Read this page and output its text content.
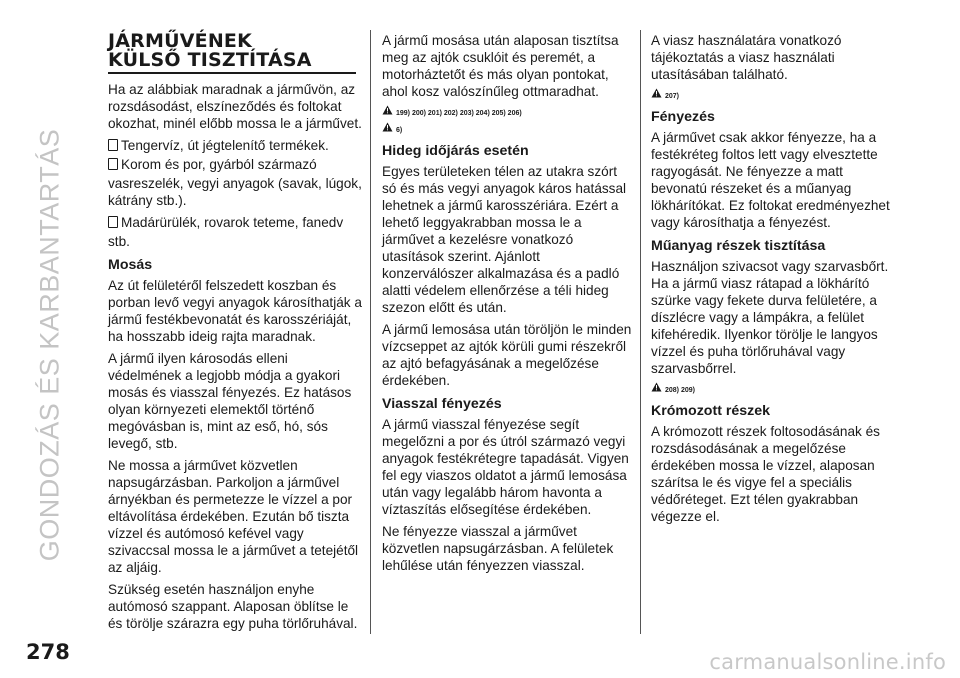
GONDOZÁS ÉS KARBANTARTÁS
278	carmanualsonline.info
JÁRMŰVÉNEK
KÜLSŐ TISZTÍTÁSA

Ha az alábbiak maradnak a járművön, az rozsdásodást, elszíneződés és foltokat okozhat, minél előbb mossa le a járművet.

Tengervíz, út jégtelenítő termékek.
Korom és por, gyárból származó

vasreszelék, vegyi anyagok (savak, lúgok, kátrány stb.).

Madárürülék, rovarok teteme, fanedv

stb.

Mosás

Az út felületéről felszedett koszban és porban levő vegyi anyagok károsíthatják a jármű festékbevonatát és karosszériáját, ha hosszabb ideig rajta maradnak.

A jármű ilyen károsodás elleni védelmének a legjobb módja a gyakori mosás és viasszal fényezés. Ez hatásos olyan környezeti elemektől történő megóvásban is, mint az eső, hó, sós levegő, stb.

Ne mossa a járművet közvetlen napsugárzásban. Parkoljon a járművel árnyékban és permetezze le vízzel a por eltávolítása érdekében. Ezután bő tiszta vízzel és autómosó kefével vagy szivaccsal mossa le a járművet a tetejétől az aljáig.

Szükség esetén használjon enyhe autómosó szappant. Alaposan öblítse le és törölje szárazra egy puha törlőruhával.

A jármű mosása után alaposan tisztítsa meg az ajtók csuklóit és peremét, a motorháztetőt és más olyan pontokat, ahol kosz valószínűleg ottmaradhat.

199) 200) 201) 202) 203) 204) 205) 206)
6)
Hideg időjárás esetén

Egyes területeken télen az utakra szórt só és más vegyi anyagok káros hatással lehetnek a jármű karosszériára. Ezért a lehető leggyakrabban mossa le a járművet a kezelésre vonatkozó utasítások szerint. Ajánlott konzerválószer alkalmazása és a padló alatti védelem ellenőrzése a téli hideg szezon előtt és után.

A jármű lemosása után töröljön le minden vízcseppet az ajtók körüli gumi részekről az ajtó befagyásának a megelőzése érdekében.

Viasszal fényezés

A jármű viasszal fényezése segít megelőzni a por és útról származó vegyi anyagok festékrétegre tapadását. Vigyen fel egy viaszos oldatot a jármű lemosása után vagy legalább három havonta a víztaszítás elősegítése érdekében.

Ne fényezze viasszal a járművet közvetlen napsugárzásban. A felületek lehűlése után fényezzen viasszal.

A viasz használatára vonatkozó tájékoztatás a viasz használati utasításában található.

207)
Fényezés

A járművet csak akkor fényezze, ha a festékréteg foltos lett vagy elvesztette ragyogását. Ne fényezze a matt bevonatú részeket és a műanyag lökhárítókat. Ez foltokat eredményezhet vagy károsíthatja a fényezést.

Műanyag részek tisztítása

Használjon szivacsot vagy szarvasbőrt. Ha a jármű viasz rátapad a lökhárító szürke vagy fekete durva felületére, a díszlécre vagy a lámpákra, a felület kifehéredik. Ilyenkor törölje le langyos vízzel és puha törlőruhával vagy szarvasbőrrel.

208) 209)
Krómozott részek

A krómozott részek foltosodásának és rozsdásodásának a megelőzése érdekében mossa le vízzel, alaposan szárítsa le és vigye fel a speciális védőréteget. Ezt télen gyakrabban végezze el.
